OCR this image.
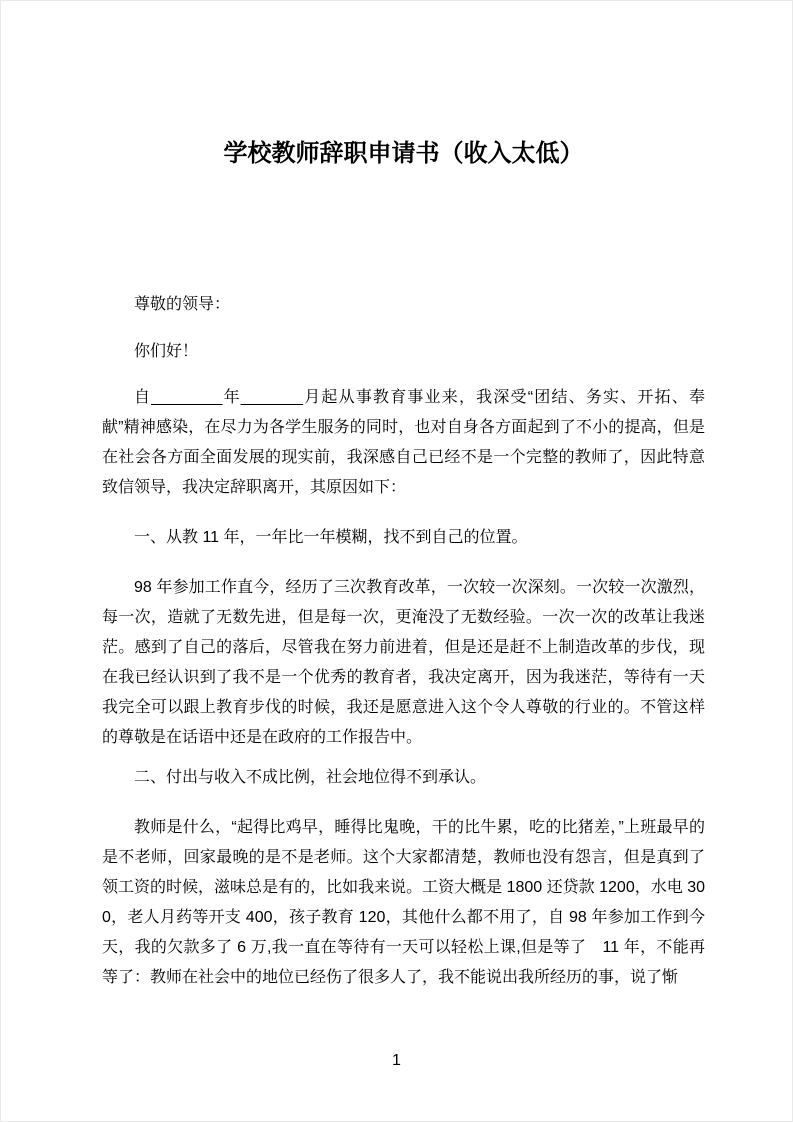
学校教师辞职申请书（收入太低）

尊敬的领导：

你们好！

自________年_______月起从事教育事业来，我深受“团结、务实、开拓、奉献”精神感染，在尽力为各学生服务的同时，也对自身各方面起到了不小的提高，但是在社会各方面全面发展的现实前，我深感自己已经不是一个完整的教师了，因此特意致信领导，我决定辞职离开，其原因如下：

一、从教 11 年，一年比一年模糊，找不到自己的位置。

98 年参加工作直今，经历了三次教育改革，一次较一次深刻。一次较一次激烈，每一次，造就了无数先进，但是每一次，更淹没了无数经验。一次一次的改革让我迷茫。感到了自己的落后，尽管我在努力前进着，但是还是赶不上制造改革的步伐，现在我已经认识到了我不是一个优秀的教育者，我决定离开，因为我迷茫，等待有一天我完全可以跟上教育步伐的时候，我还是愿意进入这个令人尊敬的行业的。不管这样的尊敬是在话语中还是在政府的工作报告中。

二、付出与收入不成比例，社会地位得不到承认。

教师是什么，“起得比鸡早，睡得比鬼晚，干的比牛累，吃的比猪差，”上班最早的是不老师，回家最晚的是不是老师。这个大家都清楚，教师也没有怨言，但是真到了领工资的时候，滋味总是有的，比如我来说。工资大概是 1800 还贷款 1200，水电 300，老人月药等开支 400，孩子教育 120，其他什么都不用了，自 98 年参加工作到今天，我的欠款多了 6 万,我一直在等待有一天可以轻松上课,但是等了　11 年，不能再等了：教师在社会中的地位已经伤了很多人了，我不能说出我所经历的事，说了惭

1
